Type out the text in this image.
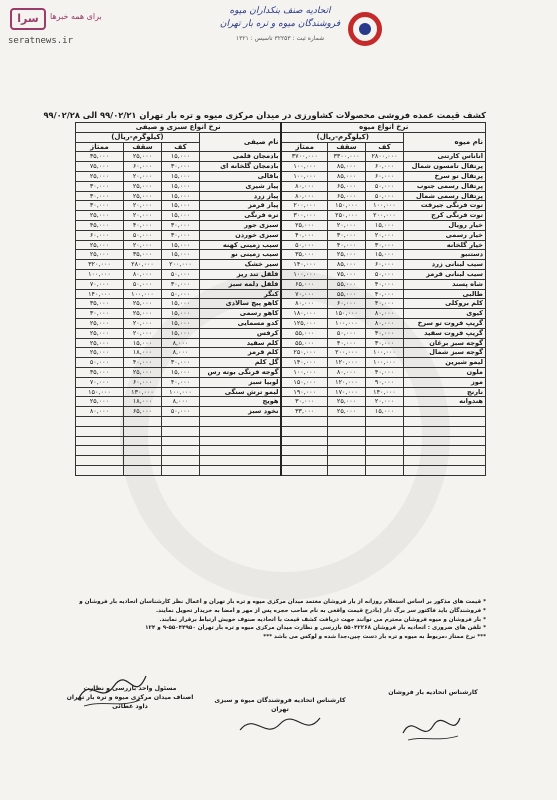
سرا	برای همه خبرها
seratnews.ir
اتحادیه صنف بنکداران میوه
فروشندگان میوه و تره بار تهران
شماره ثبت : ۳۲۲۵۳ تاسیس : ۱۳۲۱
کشف قیمت عمده فروشی محصولات کشاورزی در میدان مرکزی میوه و تره بار تهران ۹۹/۰۲/۲۱ الی ۹۹/۰۲/۲۸
نرخ انواع میوه				نرخ انواع سبزی و صیفی			
نام میوه	(کیلوگرم-ریال)			نام صیفی	(کیلوگرم-ریال)		
	کف	سقف	ممتاز		کف	سقف	ممتاز
اناناس کارتنی	۲۸۰۰,۰۰۰	۳۳۰۰,۰۰۰	۳۷۰۰,۰۰۰	بادمجان قلمی	۱۵,۰۰۰	۲۵,۰۰۰	۳۵,۰۰۰
پرتقال تامسون شمال	۶۰,۰۰۰	۸۵,۰۰۰	۱۰۰,۰۰۰	بادمجان گلخانه ای	۳۰,۰۰۰	۶۰,۰۰۰	۷۵,۰۰۰
پرتقال تو سرخ	۶۰,۰۰۰	۸۵,۰۰۰	۱۰۰,۰۰۰	باقالی	۱۵,۰۰۰	۲۰,۰۰۰	۲۵,۰۰۰
پرتقال رسمی جنوب	۵۰,۰۰۰	۶۵,۰۰۰	۸۰,۰۰۰	پیاز شیری	۱۵,۰۰۰	۲۵,۰۰۰	۳۰,۰۰۰
پرتقال رسمی شمال	۵۰,۰۰۰	۶۵,۰۰۰	۸۰,۰۰۰	پیاز زرد	۱۵,۰۰۰	۲۵,۰۰۰	۳۰,۰۰۰
توت فرنگی جیرفت	۱۰۰,۰۰۰	۱۵۰,۰۰۰	۲۰۰,۰۰۰	پیاز قرمز	۱۵,۰۰۰	۲۰,۰۰۰	۳۰,۰۰۰
توت فرنگی کرج	۲۰۰,۰۰۰	۲۵۰,۰۰۰	۳۰۰,۰۰۰	تره فرنگی	۱۵,۰۰۰	۲۰,۰۰۰	۲۵,۰۰۰
خیار رویال	۱۵,۰۰۰	۲۰,۰۰۰	۲۵,۰۰۰	سبزی جور	۳۰,۰۰۰	۴۰,۰۰۰	۴۵,۰۰۰
خیار رسمی	۲۰,۰۰۰	۳۰,۰۰۰	۴۰,۰۰۰	سبزی خوردن	۳۰,۰۰۰	۵۰,۰۰۰	۶۰,۰۰۰
خیار گلخانه	۳۰,۰۰۰	۴۰,۰۰۰	۵۰,۰۰۰	سیب زمینی کهنه	۱۵,۰۰۰	۲۰,۰۰۰	۲۵,۰۰۰
دستنبو	۱۵,۰۰۰	۲۵,۰۰۰	۳۵,۰۰۰	سیب زمینی نو	۱۵,۰۰۰	۳۵,۰۰۰	۲۵,۰۰۰
سیب لبنانی زرد	۶۰,۰۰۰	۸۵,۰۰۰	۱۴۰,۰۰۰	سیر خشک	۲۰۰,۰۰۰	۲۸۰,۰۰۰	۳۲۰,۰۰۰
سیب لبنانی قرمز	۵۰,۰۰۰	۷۵,۰۰۰	۱۰۰,۰۰۰	فلفل تند ریز	۵۰,۰۰۰	۸۰,۰۰۰	۱۰۰,۰۰۰
شاه پسند	۴۰,۰۰۰	۵۵,۰۰۰	۶۵,۰۰۰	فلفل دلمه سبز	۳۰,۰۰۰	۵۰,۰۰۰	۷۰,۰۰۰
طالبی	۴۰,۰۰۰	۵۵,۰۰۰	۷۰,۰۰۰	کنگر	۵۰,۰۰۰	۱۰۰,۰۰۰	۱۴۰,۰۰۰
کلم بروکلی	۴۰,۰۰۰	۶۰,۰۰۰	۸۰,۰۰۰	کاهو پیچ سالادی	۱۵,۰۰۰	۲۵,۰۰۰	۳۵,۰۰۰
کیوی	۸۰,۰۰۰	۱۵۰,۰۰۰	۱۸۰,۰۰۰	کاهو رسمی	۱۵,۰۰۰	۲۵,۰۰۰	۳۰,۰۰۰
گریپ فروت تو سرخ	۸۰,۰۰۰	۱۰۰,۰۰۰	۱۲۵,۰۰۰	کدو مسمایی	۱۵,۰۰۰	۲۰,۰۰۰	۲۵,۰۰۰
گریپ فروت سفید	۴۰,۰۰۰	۵۰,۰۰۰	۵۵,۰۰۰	کرفس	۱۵,۰۰۰	۲۰,۰۰۰	۲۵,۰۰۰
گوجه سبز برغان	۳۰,۰۰۰	۴۰,۰۰۰	۵۵,۰۰۰	کلم سفید	۸,۰۰۰	۱۵,۰۰۰	۲۵,۰۰۰
گوجه سبز شمال	۱۰۰,۰۰۰	۲۰۰,۰۰۰	۲۵۰,۰۰۰	کلم قرمز	۸,۰۰۰	۱۸,۰۰۰	۲۵,۰۰۰
لیمو شیرین	۱۰۰,۰۰۰	۱۲۰,۰۰۰	۱۴۰,۰۰۰	گل کلم	۳۰,۰۰۰	۴۰,۰۰۰	۵۰,۰۰۰
ملون	۴۰,۰۰۰	۸۰,۰۰۰	۱۰۰,۰۰۰	گوجه فرنگی بوته رس	۱۵,۰۰۰	۲۵,۰۰۰	۳۵,۰۰۰
موز	۹۰,۰۰۰	۱۲۰,۰۰۰	۱۵۰,۰۰۰	لوبیا سبز	۴۰,۰۰۰	۶۰,۰۰۰	۷۰,۰۰۰
نارنج	۱۴۰,۰۰۰	۱۷۰,۰۰۰	۱۹۰,۰۰۰	لیمو ترش سنگی	۱۰۰,۰۰۰	۱۳۰,۰۰۰	۱۵۰,۰۰۰
هندوانه	۲۰,۰۰۰	۲۵,۰۰۰	۳۰,۰۰۰	هویج	۸,۰۰۰	۱۸,۰۰۰	۲۵,۰۰۰
	۱۵,۰۰۰	۲۵,۰۰۰	۳۳,۰۰۰	نخود سبز	۵۰,۰۰۰	۶۵,۰۰۰	۸۰,۰۰۰

* قیمت های مذکور بر اساس استعلام روزانه از بار فروشان معتمد میدان مرکزی میوه و تره بار تهران و اعمال نظر کارشناسان اتحادیه بار فروشان و

* فروشندگان باید فاکتور سر برگ دار (بادرج قیمت واقعی به نام صاحب حجره پس از مهر و امضا به خریدار تحویل نمایند.

* بار فروشان و میوه فروشان محترم می توانند جهت دریافت کشف قیمت با اتحادیه صنوف خویش ارتباط برقرار نمایند.

* تلفن های ضروری : اتحادیه بار فروشان ۵۵۰۴۲۲۶۸ بازرسی و نظارت میدان مرکزی میوه و تره بار تهران ۵۵۰۴۴۹۵۰-۹ و ۱۲۴

*** نرخ ممتاز ،مربوط به میوه و تره بار دست چین،جدا شده و لوکس می باشد ***

کارشناس اتحادیه بار فروشان
کارشناس اتحادیه فروشندگان میوه و سبزی تهران
مسئول واحد بازرسی و نظارت
اصناف میدان مرکزی میوه و تره بار تهران
داود عطائی
